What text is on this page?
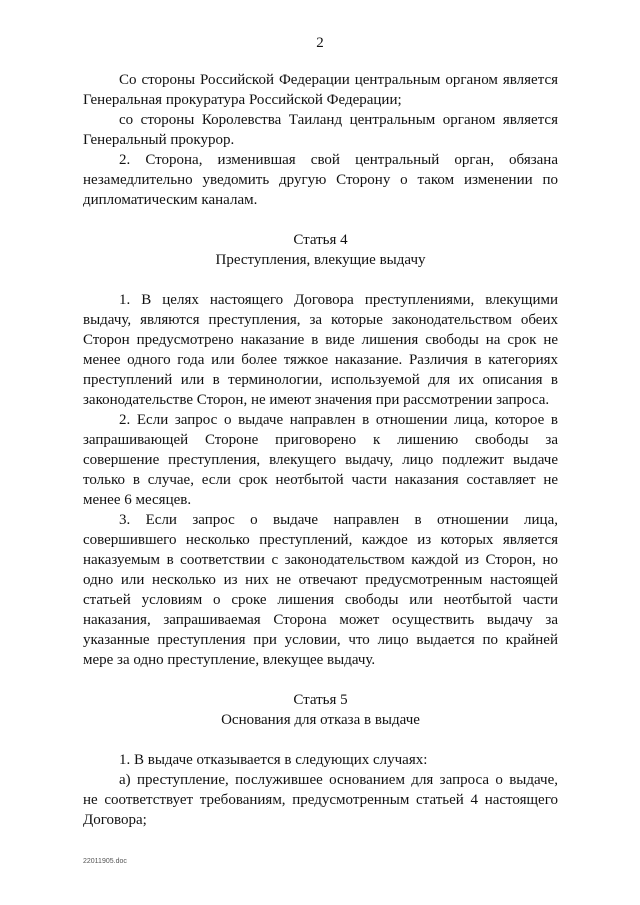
2

Со стороны Российской Федерации центральным органом является Генеральная прокуратура Российской Федерации;

со стороны Королевства Таиланд центральным органом является Генеральный прокурор.

2. Сторона, изменившая свой центральный орган, обязана незамедлительно уведомить другую Сторону о таком изменении по дипломатическим каналам.

Статья 4
Преступления, влекущие выдачу

1. В целях настоящего Договора преступлениями, влекущими выдачу, являются преступления, за которые законодательством обеих Сторон предусмотрено наказание в виде лишения свободы на срок не менее одного года или более тяжкое наказание. Различия в категориях преступлений или в терминологии, используемой для их описания в законодательстве Сторон, не имеют значения при рассмотрении запроса.

2. Если запрос о выдаче направлен в отношении лица, которое в запрашивающей Стороне приговорено к лишению свободы за совершение преступления, влекущего выдачу, лицо подлежит выдаче только в случае, если срок неотбытой части наказания составляет не менее 6 месяцев.

3. Если запрос о выдаче направлен в отношении лица, совершившего несколько преступлений, каждое из которых является наказуемым в соответствии с законодательством каждой из Сторон, но одно или несколько из них не отвечают предусмотренным настоящей статьей условиям о сроке лишения свободы или неотбытой части наказания, запрашиваемая Сторона может осуществить выдачу за указанные преступления при условии, что лицо выдается по крайней мере за одно преступление, влекущее выдачу.

Статья 5
Основания для отказа в выдаче

1. В выдаче отказывается в следующих случаях:

а) преступление, послужившее основанием для запроса о выдаче, не соответствует требованиям, предусмотренным статьей 4 настоящего Договора;

22011905.doc
